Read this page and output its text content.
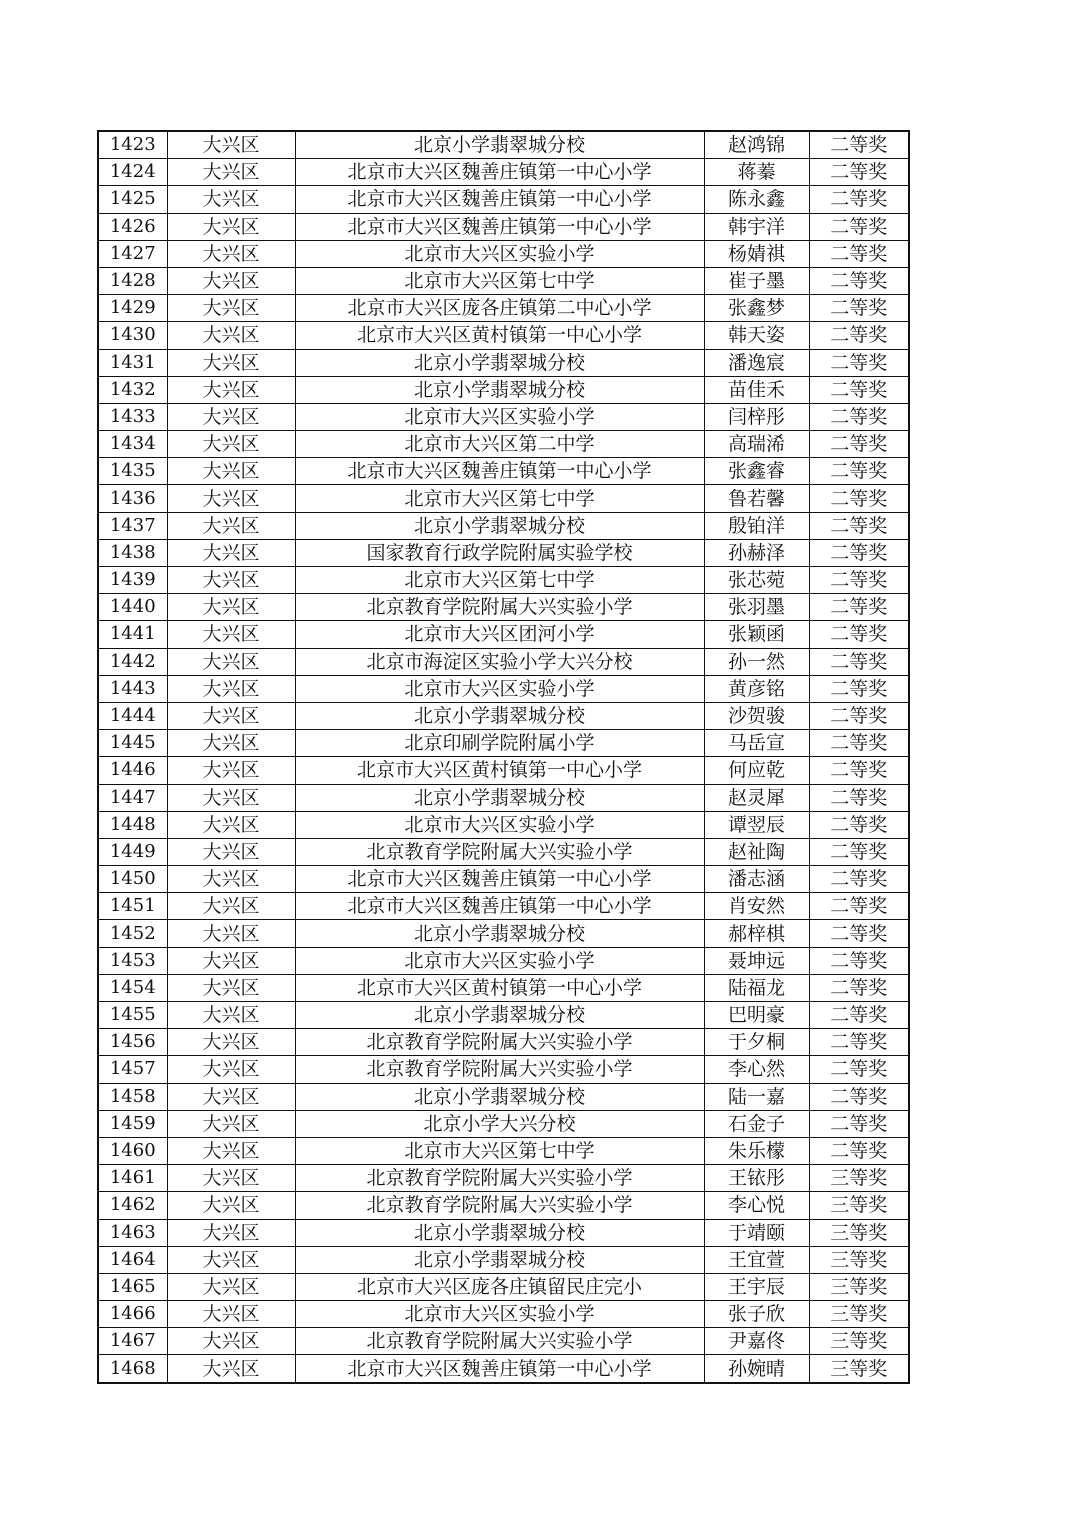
1423	大兴区	北京小学翡翠城分校	赵鸿锦	二等奖
1424	大兴区	北京市大兴区魏善庄镇第一中心小学	蒋蓁	二等奖
1425	大兴区	北京市大兴区魏善庄镇第一中心小学	陈永鑫	二等奖
1426	大兴区	北京市大兴区魏善庄镇第一中心小学	韩宇洋	二等奖
1427	大兴区	北京市大兴区实验小学	杨婧祺	二等奖
1428	大兴区	北京市大兴区第七中学	崔子墨	二等奖
1429	大兴区	北京市大兴区庞各庄镇第二中心小学	张鑫梦	二等奖
1430	大兴区	北京市大兴区黄村镇第一中心小学	韩天姿	二等奖
1431	大兴区	北京小学翡翠城分校	潘逸宸	二等奖
1432	大兴区	北京小学翡翠城分校	苗佳禾	二等奖
1433	大兴区	北京市大兴区实验小学	闫梓彤	二等奖
1434	大兴区	北京市大兴区第二中学	高瑞浠	二等奖
1435	大兴区	北京市大兴区魏善庄镇第一中心小学	张鑫睿	二等奖
1436	大兴区	北京市大兴区第七中学	鲁若馨	二等奖
1437	大兴区	北京小学翡翠城分校	殷铂洋	二等奖
1438	大兴区	国家教育行政学院附属实验学校	孙赫泽	二等奖
1439	大兴区	北京市大兴区第七中学	张芯菀	二等奖
1440	大兴区	北京教育学院附属大兴实验小学	张羽墨	二等奖
1441	大兴区	北京市大兴区团河小学	张颖函	二等奖
1442	大兴区	北京市海淀区实验小学大兴分校	孙一然	二等奖
1443	大兴区	北京市大兴区实验小学	黄彦铭	二等奖
1444	大兴区	北京小学翡翠城分校	沙贺骏	二等奖
1445	大兴区	北京印刷学院附属小学	马岳宣	二等奖
1446	大兴区	北京市大兴区黄村镇第一中心小学	何应乾	二等奖
1447	大兴区	北京小学翡翠城分校	赵灵犀	二等奖
1448	大兴区	北京市大兴区实验小学	谭翌辰	二等奖
1449	大兴区	北京教育学院附属大兴实验小学	赵祉陶	二等奖
1450	大兴区	北京市大兴区魏善庄镇第一中心小学	潘志涵	二等奖
1451	大兴区	北京市大兴区魏善庄镇第一中心小学	肖安然	二等奖
1452	大兴区	北京小学翡翠城分校	郝梓棋	二等奖
1453	大兴区	北京市大兴区实验小学	聂坤远	二等奖
1454	大兴区	北京市大兴区黄村镇第一中心小学	陆福龙	二等奖
1455	大兴区	北京小学翡翠城分校	巴明豪	二等奖
1456	大兴区	北京教育学院附属大兴实验小学	于夕桐	二等奖
1457	大兴区	北京教育学院附属大兴实验小学	李心然	二等奖
1458	大兴区	北京小学翡翠城分校	陆一嘉	二等奖
1459	大兴区	北京小学大兴分校	石金子	二等奖
1460	大兴区	北京市大兴区第七中学	朱乐檬	二等奖
1461	大兴区	北京教育学院附属大兴实验小学	王铱彤	三等奖
1462	大兴区	北京教育学院附属大兴实验小学	李心悦	三等奖
1463	大兴区	北京小学翡翠城分校	于靖颐	三等奖
1464	大兴区	北京小学翡翠城分校	王宜萱	三等奖
1465	大兴区	北京市大兴区庞各庄镇留民庄完小	王宇辰	三等奖
1466	大兴区	北京市大兴区实验小学	张子欣	三等奖
1467	大兴区	北京教育学院附属大兴实验小学	尹嘉佟	三等奖
1468	大兴区	北京市大兴区魏善庄镇第一中心小学	孙婉晴	三等奖
